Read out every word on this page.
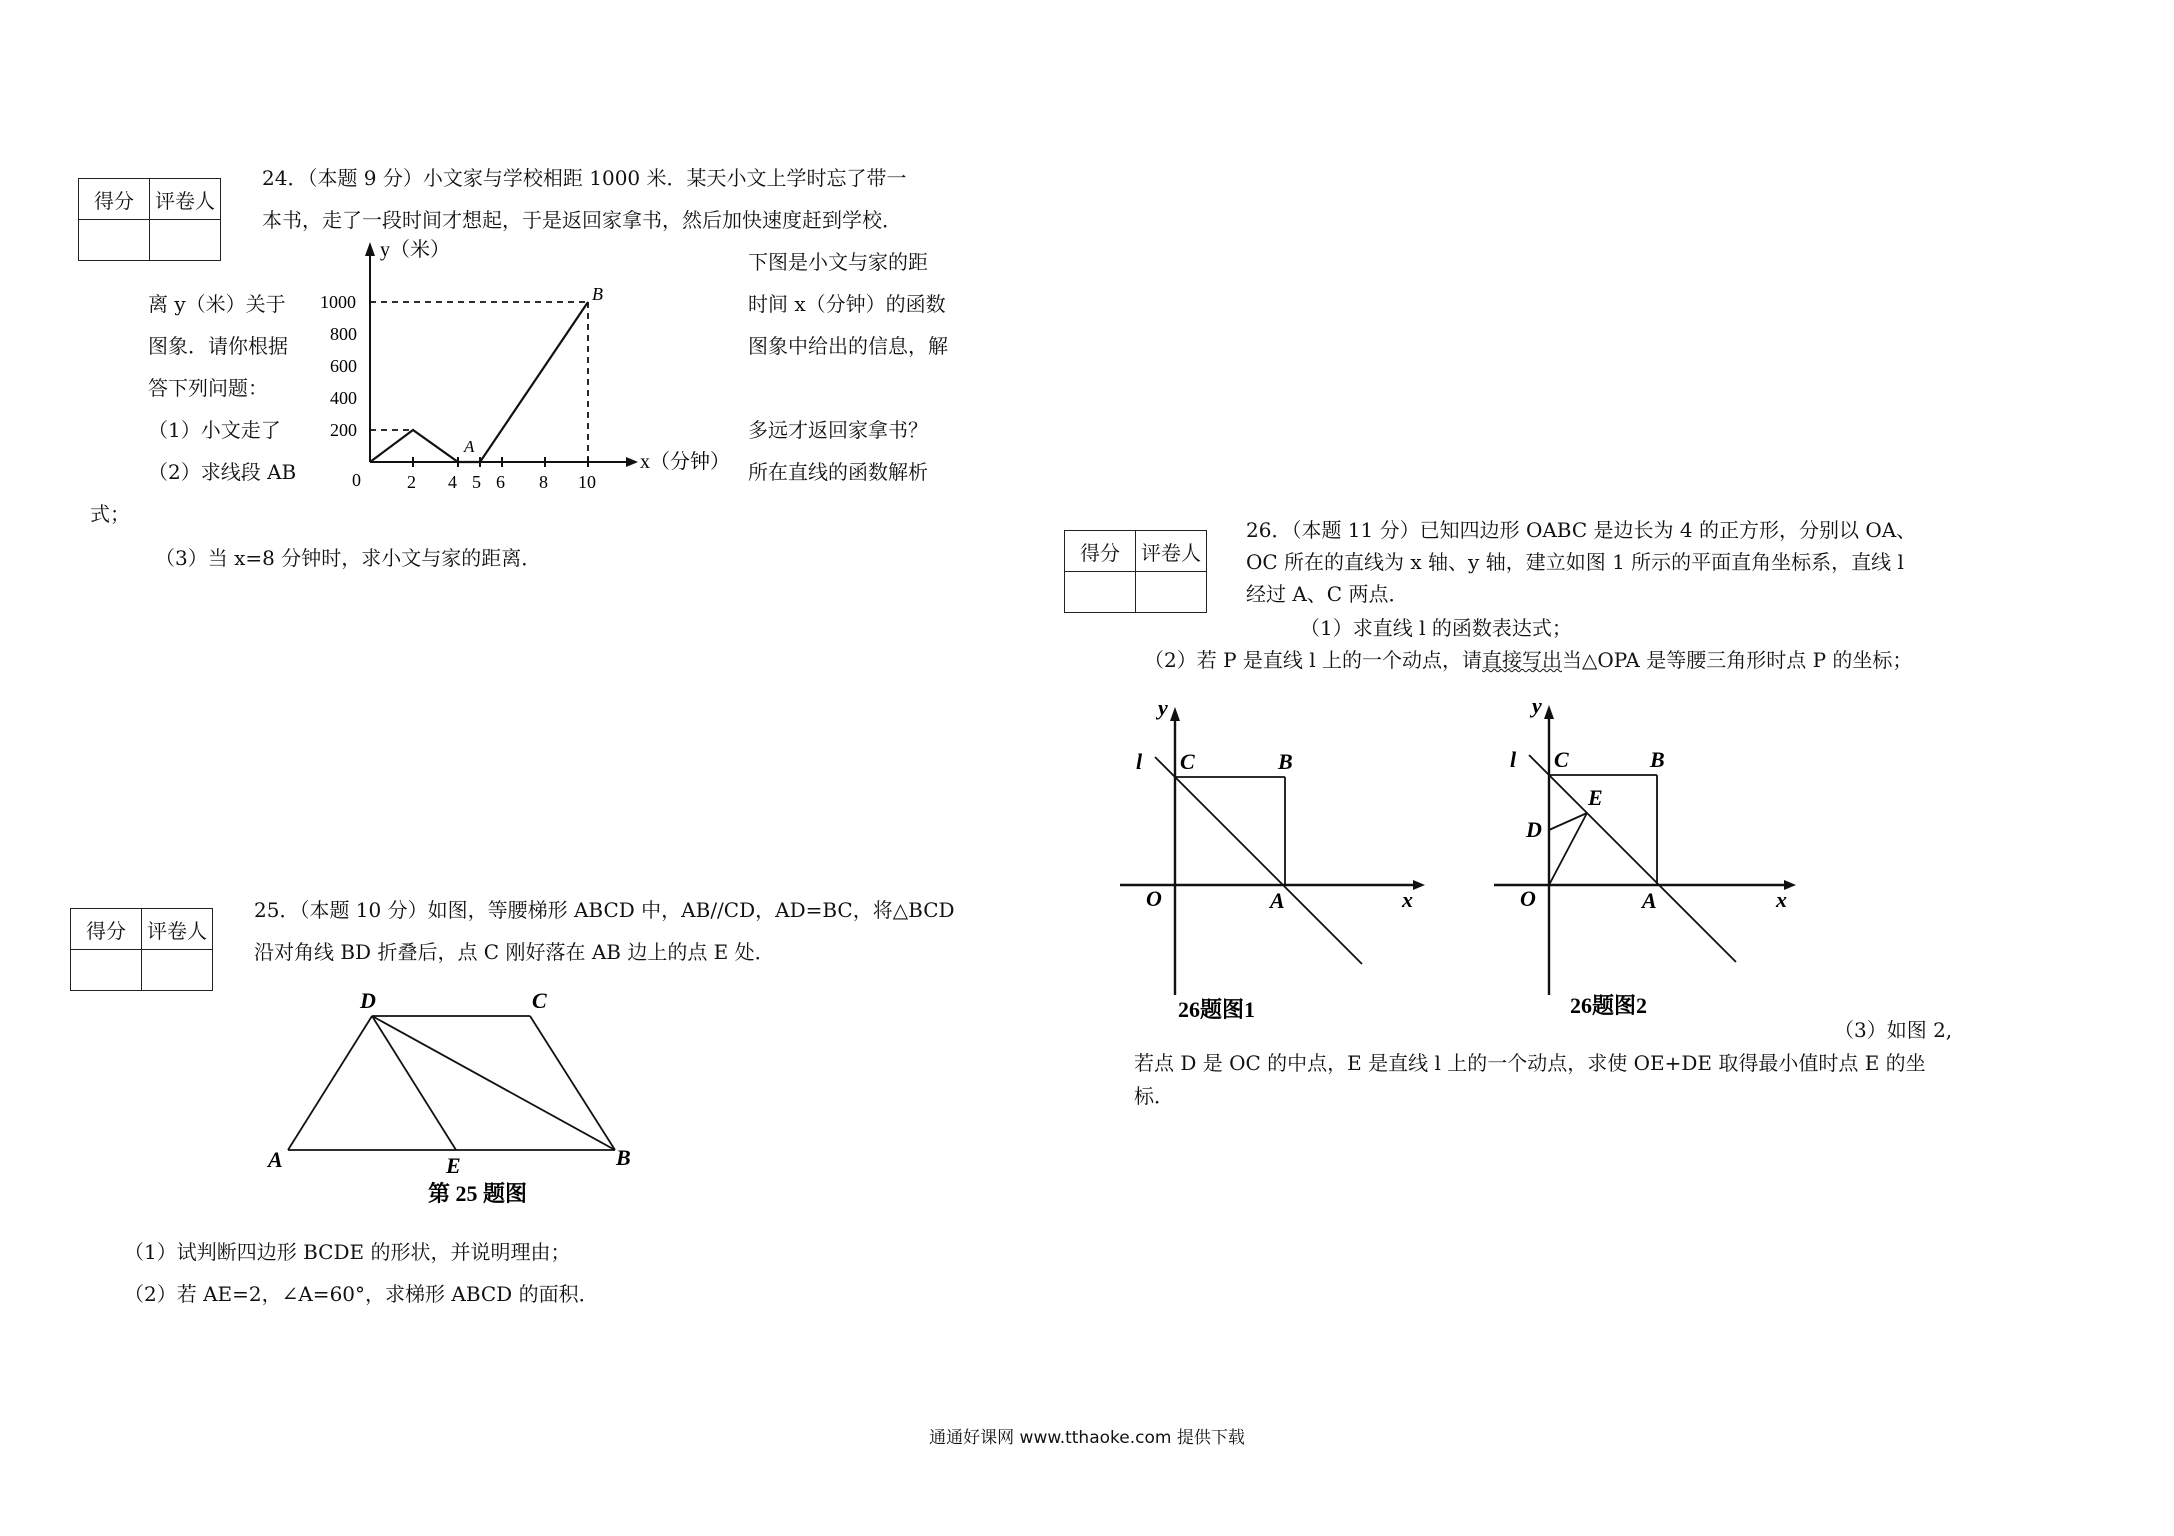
得分	评卷人

24．（本题 9 分）小文家与学校相距 1000 米．某天小文上学时忘了带一
本书，走了一段时间才想起，于是返回家拿书，然后加快速度赶到学校．
下图是小文与家的距
离 y（米）关于	时间 x（分钟）的函数
图象．请你根据	图象中给出的信息，解
答下列问题：
（1）小文走了	多远才返回家拿书？
（2）求线段 AB	所在直线的函数解析
式；
（3）当 x=8 分钟时，求小文与家的距离．
y（米）
x（分钟）
0
1000
800
600
400
200
2 4 5 6 8 10
A
B
得分	评卷人

25．（本题 10 分）如图，等腰梯形 ABCD 中，AB//CD，AD=BC，将△BCD
沿对角线 BD 折叠后，点 C 刚好落在 AB 边上的点 E 处．
A	B
C
D
E
第 25 题图
（1）试判断四边形 BCDE 的形状，并说明理由；
（2）若 AE=2，∠A=60°，求梯形 ABCD 的面积．
得分	评卷人

26．（本题 11 分）已知四边形 OABC 是边长为 4 的正方形，分别以 OA、
OC 所在的直线为 x 轴、y 轴，建立如图 1 所示的平面直角坐标系，直线 l
经过 A、C 两点．
（1）求直线 l 的函数表达式；
（2）若 P 是直线 l 上的一个动点，请直接写出当△OPA 是等腰三角形时点 P 的坐标；
y
x
l C	B
O	A
26题图1
y
x
l C	B
E
D
O	A
26题图2
（3）如图 2,
若点 D 是 OC 的中点，E 是直线 l 上的一个动点，求使 OE+DE 取得最小值时点 E 的坐
标．
通通好课网 www.tthaoke.com 提供下载
